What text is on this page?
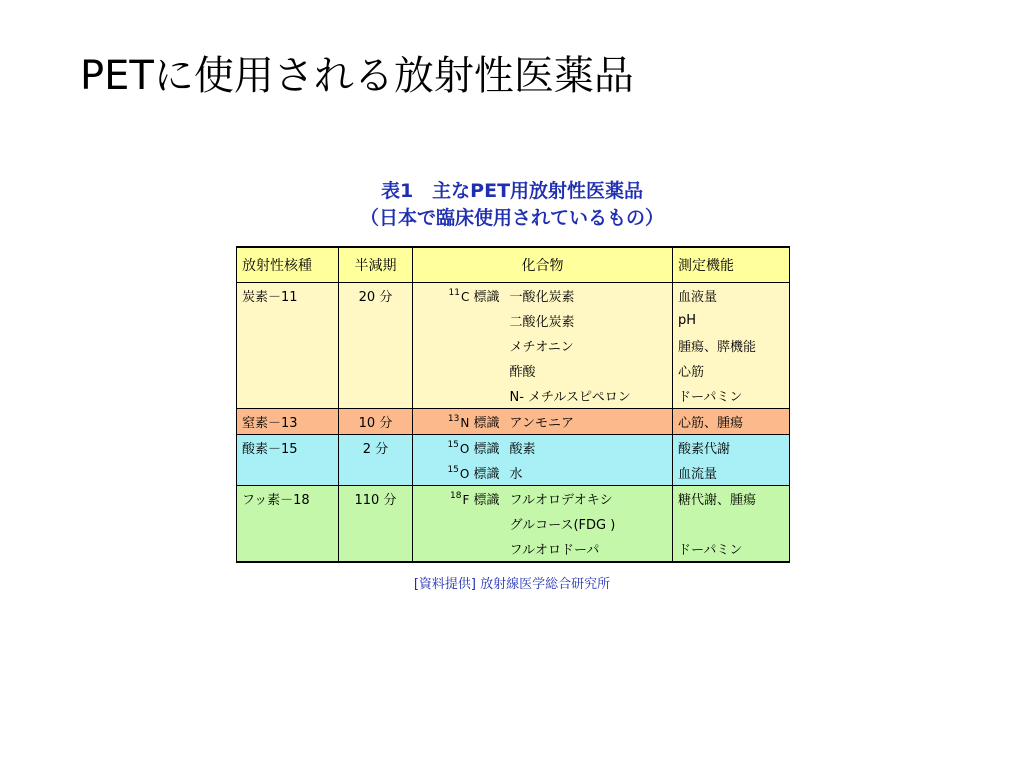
PETに使用される放射性医薬品
表1　主なPET用放射性医薬品
（日本で臨床使用されているもの）
放射性核種	半減期	化合物		測定機能
炭素－11	20 分	$^{11}$C 標識	一酸化炭素	血液量
			二酸化炭素	pH
			メチオニン	腫瘍、膵機能
			酢酸	心筋
			N- メチルスピペロン	ドーパミン
窒素－13	10 分	$^{13}$N 標識	アンモニア	心筋、腫瘍
酸素－15	2 分	$^{15}$O 標識	酸素	酸素代謝
		$^{15}$O 標識	水	血流量
フッ素－18	110 分	$^{18}$F 標識	フルオロデオキシ	糖代謝、腫瘍
			グルコース(FDG )	
			フルオロドーパ	ドーパミン
[資料提供] 放射線医学総合研究所
